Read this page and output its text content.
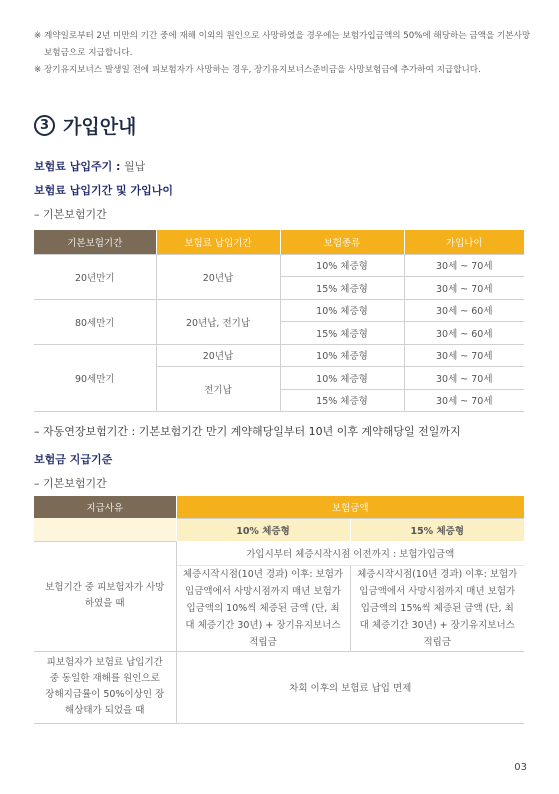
※ 계약일로부터 2년 미만의 기간 중에 재해 이외의 원인으로 사망하였을 경우에는 보험가입금액의 50%에 해당하는 금액을 기본사망보험금으로 지급합니다.
※ 장기유지보너스 발생일 전에 피보험자가 사망하는 경우, 장기유지보너스준비금을 사망보험금에 추가하여 지급합니다.
3 가입안내
보험료 납입주기 : 월납
보험료 납입기간 및 가입나이
– 기본보험기간
기본보험기간	보험료 납입기간	보험종류	가입나이
20년만기	20년납	10% 체증형	30세 ~ 70세
		15% 체증형	30세 ~ 70세
80세만기	20년납, 전기납	10% 체증형	30세 ~ 60세
		15% 체증형	30세 ~ 60세
90세만기	20년납	10% 체증형	30세 ~ 70세
	전기납	10% 체증형	30세 ~ 70세
		15% 체증형	30세 ~ 70세
– 자동연장보험기간 : 기본보험기간 만기 계약해당일부터 10년 이후 계약해당일 전일까지
보험금 지급기준
– 기본보험기간
지급사유	보험금액	
	10% 체증형	15% 체증형
보험기간 중 피보험자가 사망하였을 때	가입시부터 체증시작시점 이전까지 : 보험가입금액	
	체증시작시점(10년 경과) 이후: 보험가입금액에서 사망시점까지 매년 보험가입금액의 10%씩 체증된 금액 (단, 최대 체증기간 30년) + 장기유지보너스적립금	체증시작시점(10년 경과) 이후: 보험가입금액에서 사망시점까지 매년 보험가입금액의 15%씩 체증된 금액 (단, 최대 체증기간 30년) + 장기유지보너스적립금
피보험자가 보험료 납입기간 중 동일한 재해를 원인으로 장해지급률이 50%이상인 장해상태가 되었을 때	차회 이후의 보험료 납입 면제	
03
